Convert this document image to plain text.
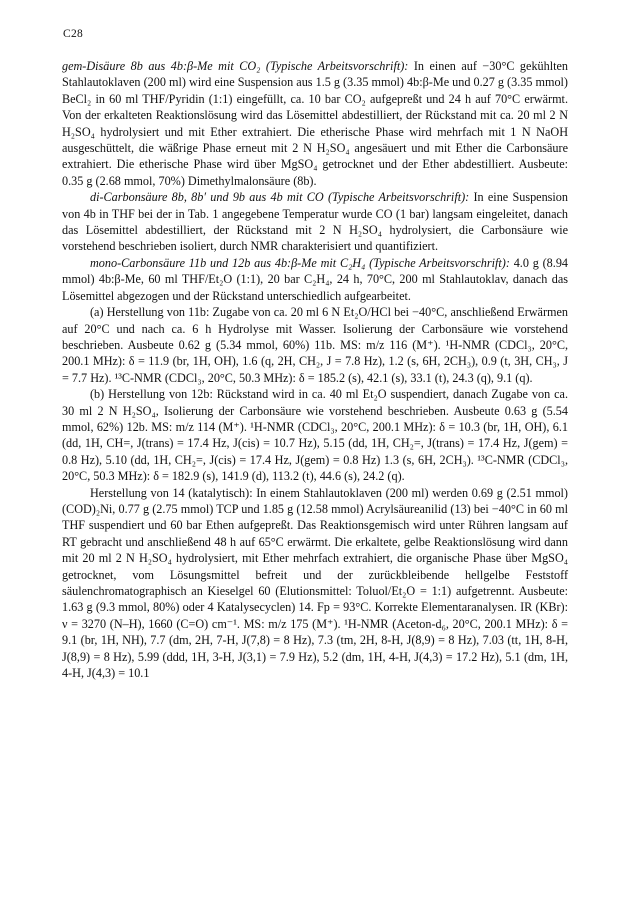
C28

gem-Disäure 8b aus 4b:β-Me mit CO₂ (Typische Arbeitsvorschrift): In einen auf −30°C gekühlten Stahlautoklaven (200 ml) wird eine Suspension aus 1.5 g (3.35 mmol) 4b:β-Me und 0.27 g (3.35 mmol) BeCl₂ in 60 ml THF/Pyridin (1:1) eingefüllt, ca. 10 bar CO₂ aufgepreßt und 24 h auf 70°C erwärmt. Von der erkalteten Reaktionslösung wird das Lösemittel abdestilliert, der Rückstand mit ca. 20 ml 2 N H₂SO₄ hydrolysiert und mit Ether extrahiert. Die etherische Phase wird mehrfach mit 1 N NaOH ausgeschüttelt, die wäßrige Phase erneut mit 2 N H₂SO₄ angesäuert und mit Ether die Carbonsäure extrahiert. Die etherische Phase wird über MgSO₄ getrocknet und der Ether abdestilliert. Ausbeute: 0.35 g (2.68 mmol, 70%) Dimethylmalonsäure (8b).

di-Carbonsäure 8b, 8b′ und 9b aus 4b mit CO (Typische Arbeitsvorschrift): In eine Suspension von 4b in THF bei der in Tab. 1 angegebene Temperatur wurde CO (1 bar) langsam eingeleitet, danach das Lösemittel abdestilliert, der Rückstand mit 2 N H₂SO₄ hydrolysiert, die Carbonsäure wie vorstehend beschrieben isoliert, durch NMR charakterisiert und quantifiziert.

mono-Carbonsäure 11b und 12b aus 4b:β-Me mit C₂H₄ (Typische Arbeitsvorschrift): 4.0 g (8.94 mmol) 4b:β-Me, 60 ml THF/Et₂O (1:1), 20 bar C₂H₄, 24 h, 70°C, 200 ml Stahlautoklav, danach das Lösemittel abgezogen und der Rückstand unterschiedlich aufgearbeitet.

(a) Herstellung von 11b: Zugabe von ca. 20 ml 6 N Et₂O/HCl bei −40°C, anschließend Erwärmen auf 20°C und nach ca. 6 h Hydrolyse mit Wasser. Isolierung der Carbonsäure wie vorstehend beschrieben. Ausbeute 0.62 g (5.34 mmol, 60%) 11b. MS: m/z 116 (M⁺). ¹H-NMR (CDCl₃, 20°C, 200.1 MHz): δ = 11.9 (br, 1H, OH), 1.6 (q, 2H, CH₂, J = 7.8 Hz), 1.2 (s, 6H, 2CH₃), 0.9 (t, 3H, CH₃, J = 7.7 Hz). ¹³C-NMR (CDCl₃, 20°C, 50.3 MHz): δ = 185.2 (s), 42.1 (s), 33.1 (t), 24.3 (q), 9.1 (q).

(b) Herstellung von 12b: Rückstand wird in ca. 40 ml Et₂O suspendiert, danach Zugabe von ca. 30 ml 2 N H₂SO₄, Isolierung der Carbonsäure wie vorstehend beschrieben. Ausbeute 0.63 g (5.54 mmol, 62%) 12b. MS: m/z 114 (M⁺). ¹H-NMR (CDCl₃, 20°C, 200.1 MHz): δ = 10.3 (br, 1H, OH), 6.1 (dd, 1H, CH=, J(trans) = 17.4 Hz, J(cis) = 10.7 Hz), 5.15 (dd, 1H, CH₂=, J(trans) = 17.4 Hz, J(gem) = 0.8 Hz), 5.10 (dd, 1H, CH₂=, J(cis) = 17.4 Hz, J(gem) = 0.8 Hz) 1.3 (s, 6H, 2CH₃). ¹³C-NMR (CDCl₃, 20°C, 50.3 MHz): δ = 182.9 (s), 141.9 (d), 113.2 (t), 44.6 (s), 24.2 (q).

Herstellung von 14 (katalytisch): In einem Stahlautoklaven (200 ml) werden 0.69 g (2.51 mmol) (COD)₂Ni, 0.77 g (2.75 mmol) TCP und 1.85 g (12.58 mmol) Acrylsäureanilid (13) bei −40°C in 60 ml THF suspendiert und 60 bar Ethen aufgepreßt. Das Reaktionsgemisch wird unter Rühren langsam auf RT gebracht und anschließend 48 h auf 65°C erwärmt. Die erkaltete, gelbe Reaktionslösung wird dann mit 20 ml 2 N H₂SO₄ hydrolysiert, mit Ether mehrfach extrahiert, die organische Phase über MgSO₄ getrocknet, vom Lösungsmittel befreit und der zurückbleibende hellgelbe Feststoff säulenchromatographisch an Kieselgel 60 (Elutionsmittel: Toluol/Et₂O = 1:1) aufgetrennt. Ausbeute: 1.63 g (9.3 mmol, 80%) oder 4 Katalysecyclen) 14. Fp = 93°C. Korrekte Elementaranalysen. IR (KBr): ν = 3270 (N–H), 1660 (C=O) cm⁻¹. MS: m/z 175 (M⁺). ¹H-NMR (Aceton-d₆, 20°C, 200.1 MHz): δ = 9.1 (br, 1H, NH), 7.7 (dm, 2H, 7-H, J(7,8) = 8 Hz), 7.3 (tm, 2H, 8-H, J(8,9) = 8 Hz), 7.03 (tt, 1H, 8-H, J(8,9) = 8 Hz), 5.99 (ddd, 1H, 3-H, J(3,1) = 7.9 Hz), 5.2 (dm, 1H, 4-H, J(4,3) = 17.2 Hz), 5.1 (dm, 1H, 4-H, J(4,3) = 10.1
